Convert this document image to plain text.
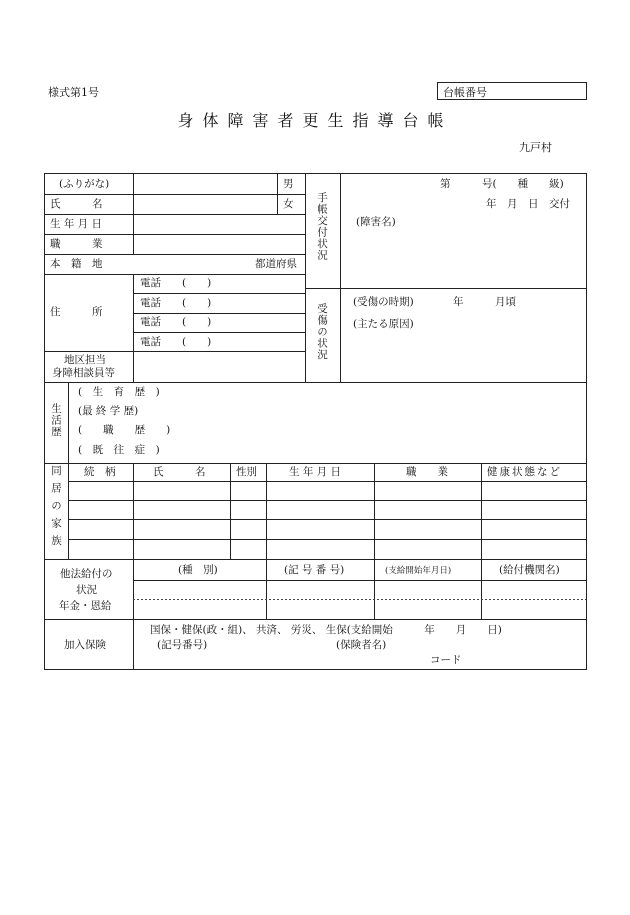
様式第1号	台帳番号
身体障害者更生指導台帳
九戸村
(ふりがな)
氏　　　名
生 年 月 日
職　　　業
本　籍　地
住　　　所
男
女
都道府県
電話　　(　　)
電話　　(　　)
電話　　(　　)
電話　　(　　)
地区担当
身障相談員等
手帳交付状況
第　　　号(　　種　　級)
年　月　日　交付
(障害名)
受傷の状況
(受傷の時期)	年　　　月頃
(主たる原因)
生活歴
(　生　育　歴　)
(最 終 学 歴)
(　　職　　歴　　)
(　既　往　症　)
同居の家族 続　柄	氏　　　名	性別	生 年 月 日	職　　業	健康状態など
他法給付の
状況
年金・恩給
(種　別)	(記 号 番 号)	(支給開始年月日)	(給付機関名)
加入保険
国保・健保(政・組)、 共済、 労災、 生保(支給開始　　　年　　月　　日)
(記号番号)	(保険者名)
コード
